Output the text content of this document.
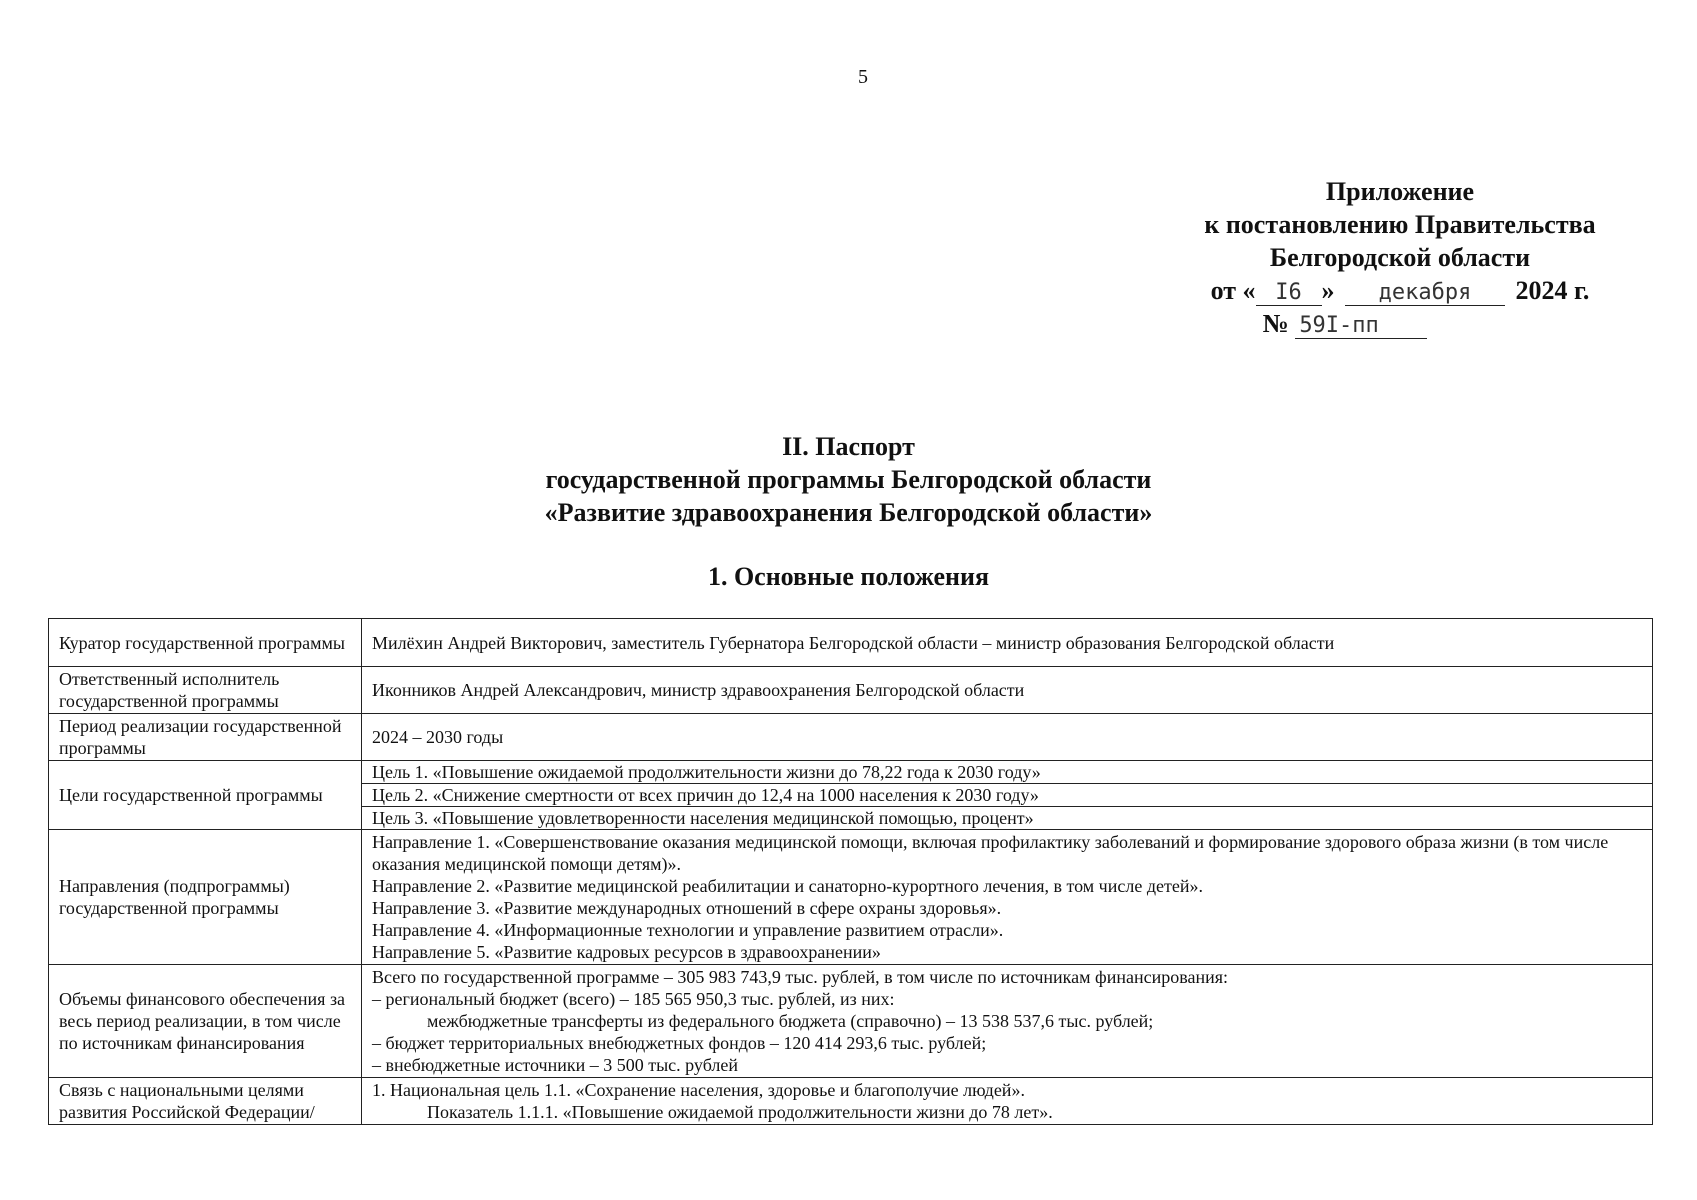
5
Приложение
к постановлению Правительства
Белгородской области
от « I6 » декабря 2024 г.
№ 59I-пп
II. Паспорт
государственной программы Белгородской области
«Развитие здравоохранения Белгородской области»
1. Основные положения
Куратор государственной программы	Милёхин Андрей Викторович, заместитель Губернатора Белгородской области – министр образования Белгородской области
Ответственный исполнитель государственной программы	Иконников Андрей Александрович, министр здравоохранения Белгородской области
Период реализации государственной программы	2024 – 2030 годы
Цели государственной программы	Цель 1. «Повышение ожидаемой продолжительности жизни до 78,22 года к 2030 году»
Цель 2. «Снижение смертности от всех причин до 12,4 на 1000 населения к 2030 году»
Цель 3. «Повышение удовлетворенности населения медицинской помощью, процент»

Направления (подпрограммы) государственной программы	Направление 1. «Совершенствование оказания медицинской помощи, включая профилактику заболеваний и формирование здорового образа жизни (в том числе оказания медицинской помощи детям)».
Направление 2. «Развитие медицинской реабилитации и санаторно-курортного лечения, в том числе детей».
Направление 3. «Развитие международных отношений в сфере охраны здоровья».
Направление 4. «Информационные технологии и управление развитием отрасли».
Направление 5. «Развитие кадровых ресурсов в здравоохранении»

Объемы финансового обеспечения за весь период реализации, в том числе по источникам финансирования	Всего по государственной программе – 305 983 743,9 тыс. рублей, в том числе по источникам финансирования:
– региональный бюджет (всего) – 185 565 950,3 тыс. рублей, из них:
межбюджетные трансферты из федерального бюджета (справочно) – 13 538 537,6 тыс. рублей;
– бюджет территориальных внебюджетных фондов – 120 414 293,6 тыс. рублей;
– внебюджетные источники – 3 500 тыс. рублей

Связь с национальными целями развития Российской Федерации/	1. Национальная цель 1.1. «Сохранение населения, здоровье и благополучие людей».
Показатель 1.1.1. «Повышение ожидаемой продолжительности жизни до 78 лет».
